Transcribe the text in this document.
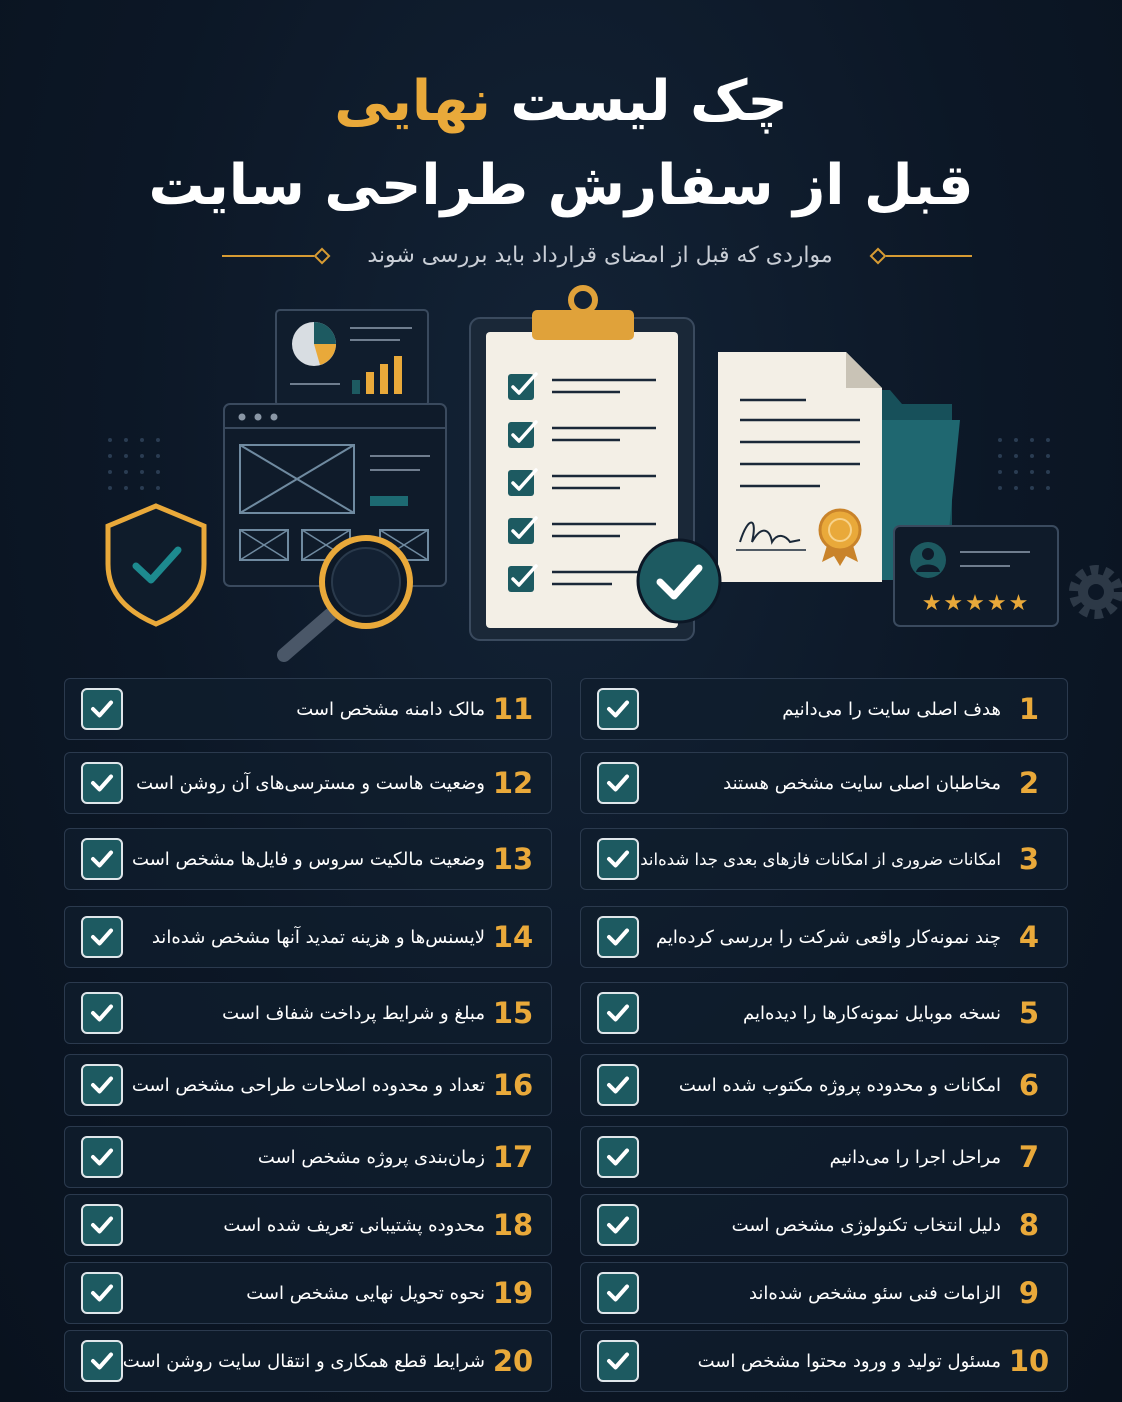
چک لیست نهایی
قبل از سفارش طراحی سایت
مواردی که قبل از امضای قرارداد باید بررسی شوند
★★★★★
1
هدف اصلی سایت را می‌دانیم
2
مخاطبان اصلی سایت مشخص هستند
3
امکانات ضروری از امکانات فازهای بعدی جدا شده‌اند
4
چند نمونه‌کار واقعی شرکت را بررسی کرده‌ایم
5
نسخه موبایل نمونه‌کارها را دیده‌ایم
6
امکانات و محدوده پروژه مکتوب شده است
7
مراحل اجرا را می‌دانیم
8
دلیل انتخاب تکنولوژی مشخص است
9
الزامات فنی سئو مشخص شده‌اند
10
مسئول تولید و ورود محتوا مشخص است
11
مالک دامنه مشخص است
12
وضعیت هاست و مسترسی‌های آن روشن است
13
وضعیت مالکیت سروس و فایل‌ها مشخص است
14
لایسنس‌ها و هزینه تمدید آنها مشخص شده‌اند
15
مبلغ و شرایط پرداخت شفاف است
16
تعداد و محدوده اصلاحات طراحی مشخص است
17
زمان‌بندی پروژه مشخص است
18
محدوده پشتیبانی تعریف شده است
19
نحوه تحویل نهایی مشخص است
20
شرایط قطع همکاری و انتقال سایت روشن است
